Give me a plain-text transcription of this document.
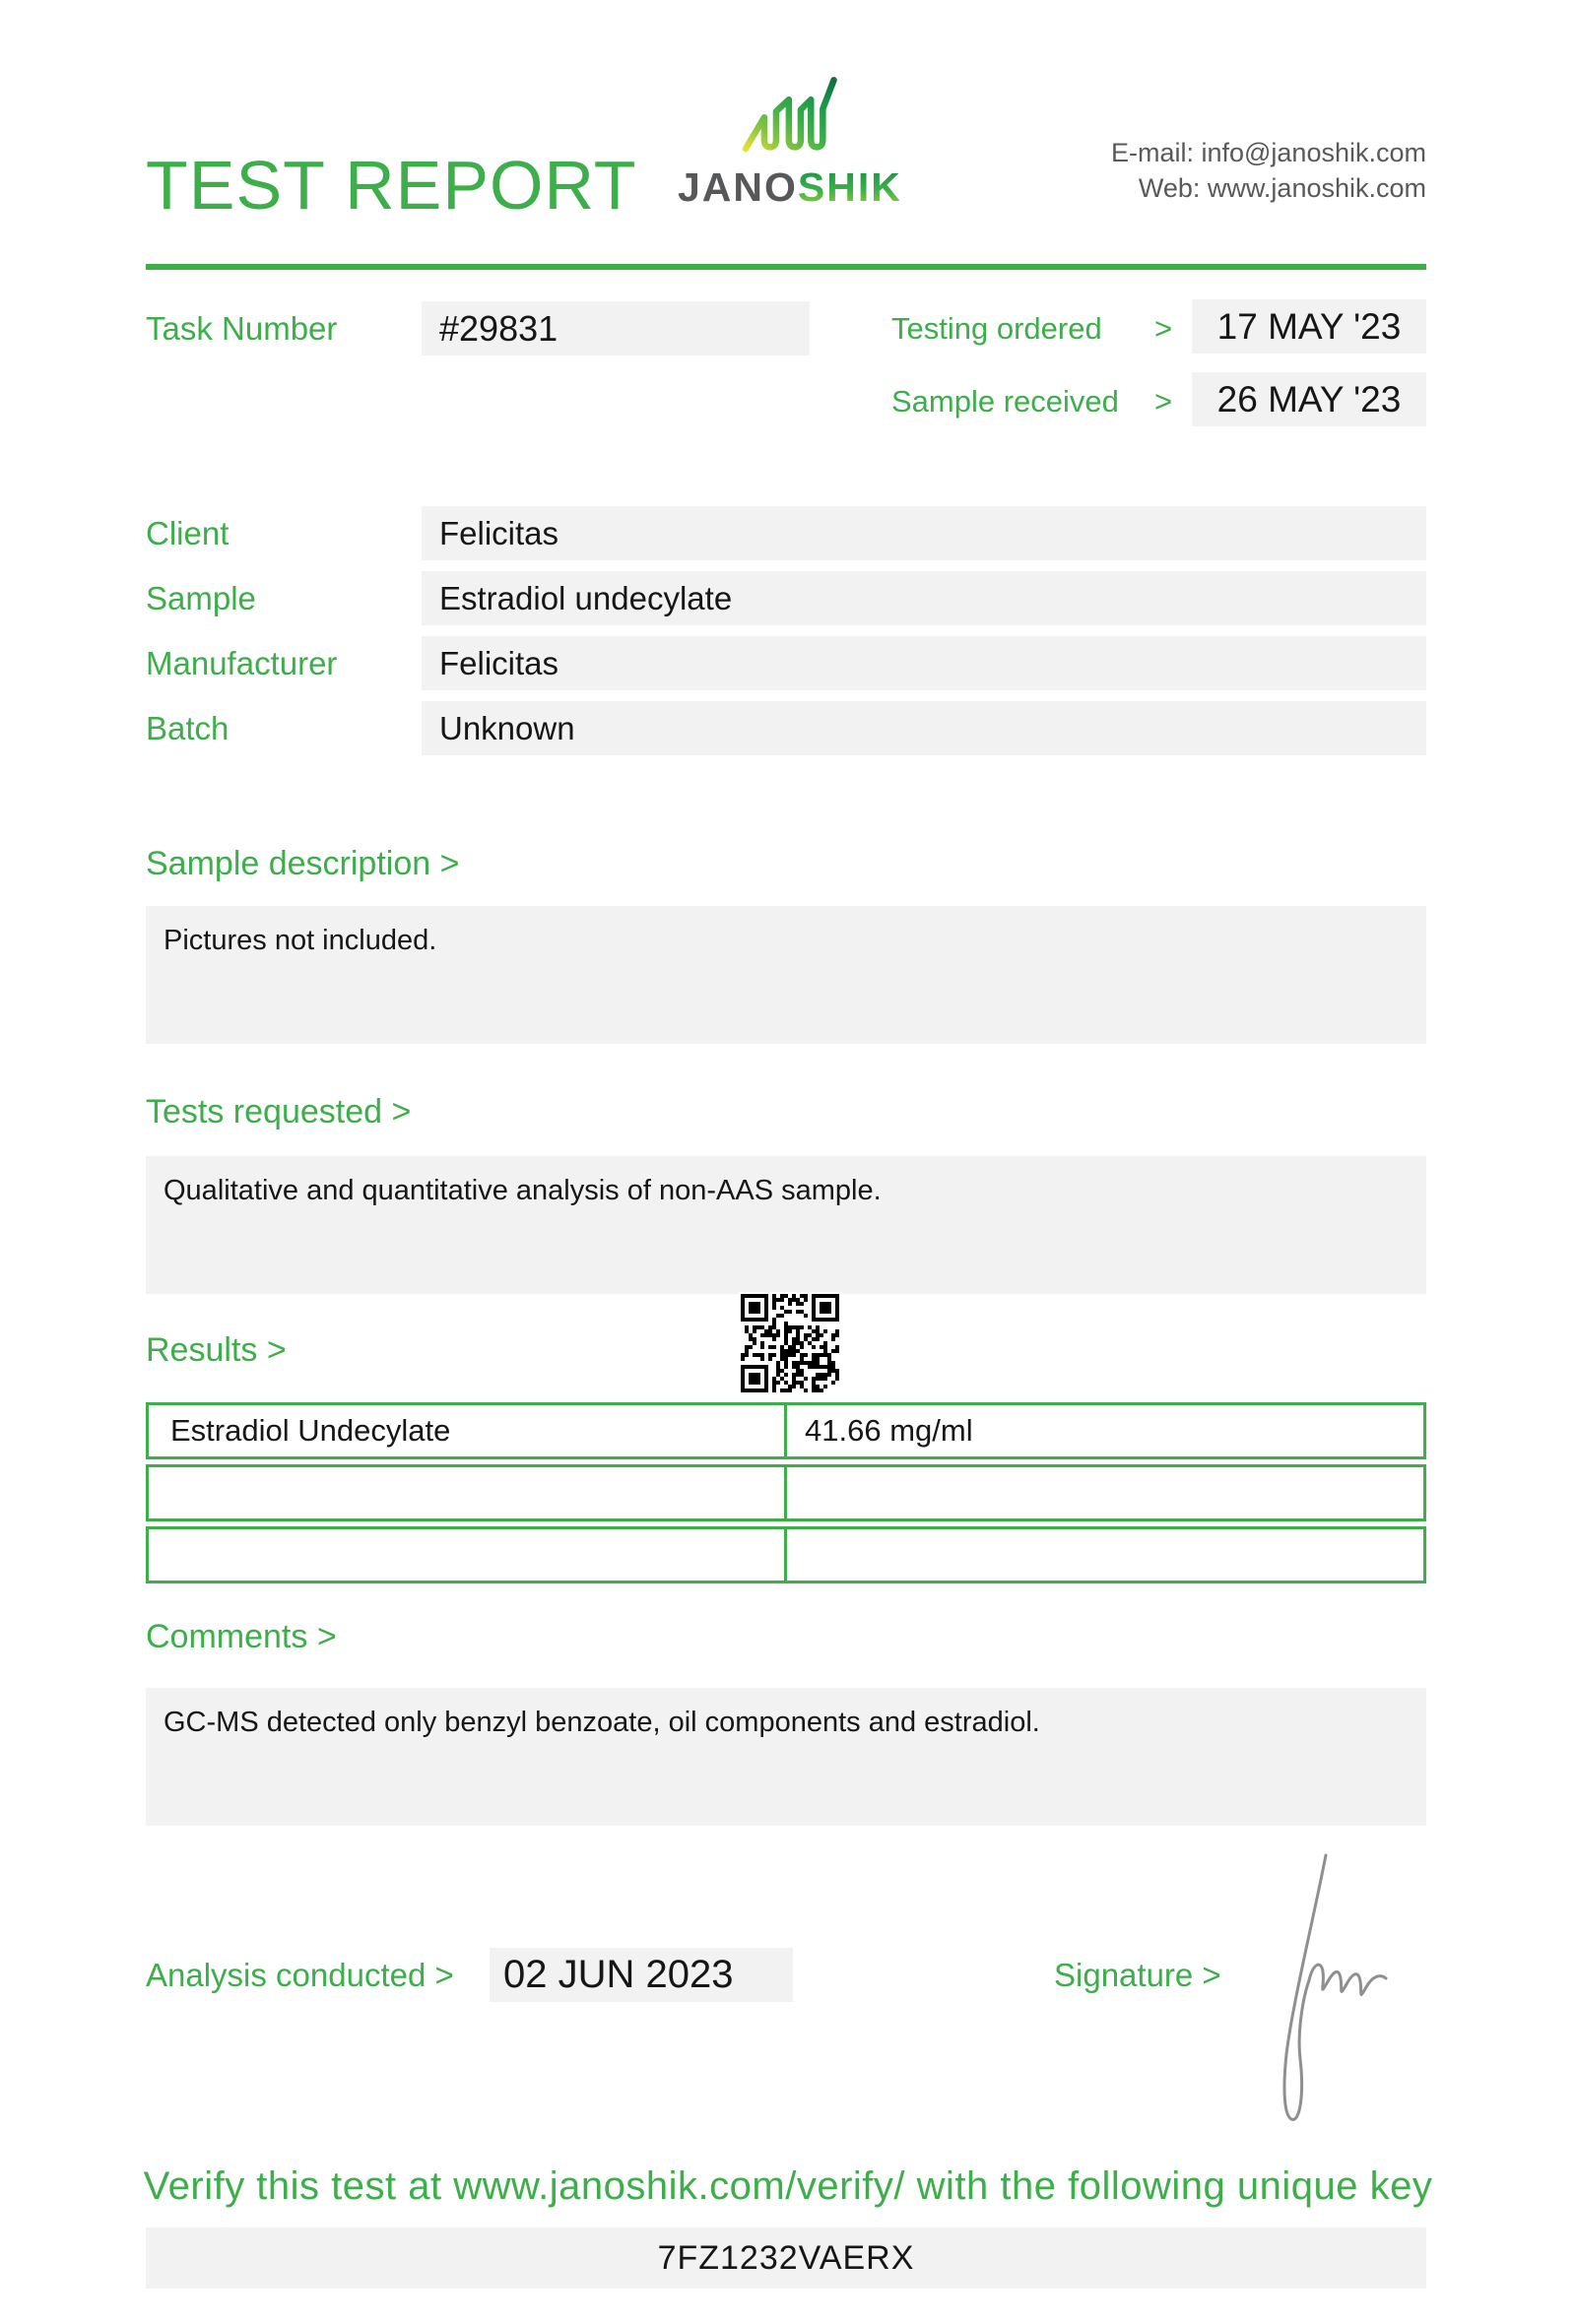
TEST REPORT JANOSHIK
E-mail: info@janoshik.com
Web: www.janoshik.com
Task Number	#29831	Testing ordered >	17 MAY '23
Sample received >	26 MAY '23
Client	Felicitas
Sample	Estradiol undecylate
Manufacturer	Felicitas
Batch	Unknown
Sample description >
Pictures not included.
Tests requested >
Qualitative and quantitative analysis of non-AAS sample.
Results >
Estradiol Undecylate	41.66 mg/ml
Comments >
GC-MS detected only benzyl benzoate, oil components and estradiol.
Analysis conducted >	02 JUN 2023	Signature >
Verify this test at www.janoshik.com/verify/ with the following unique key
7FZ1232VAERX
